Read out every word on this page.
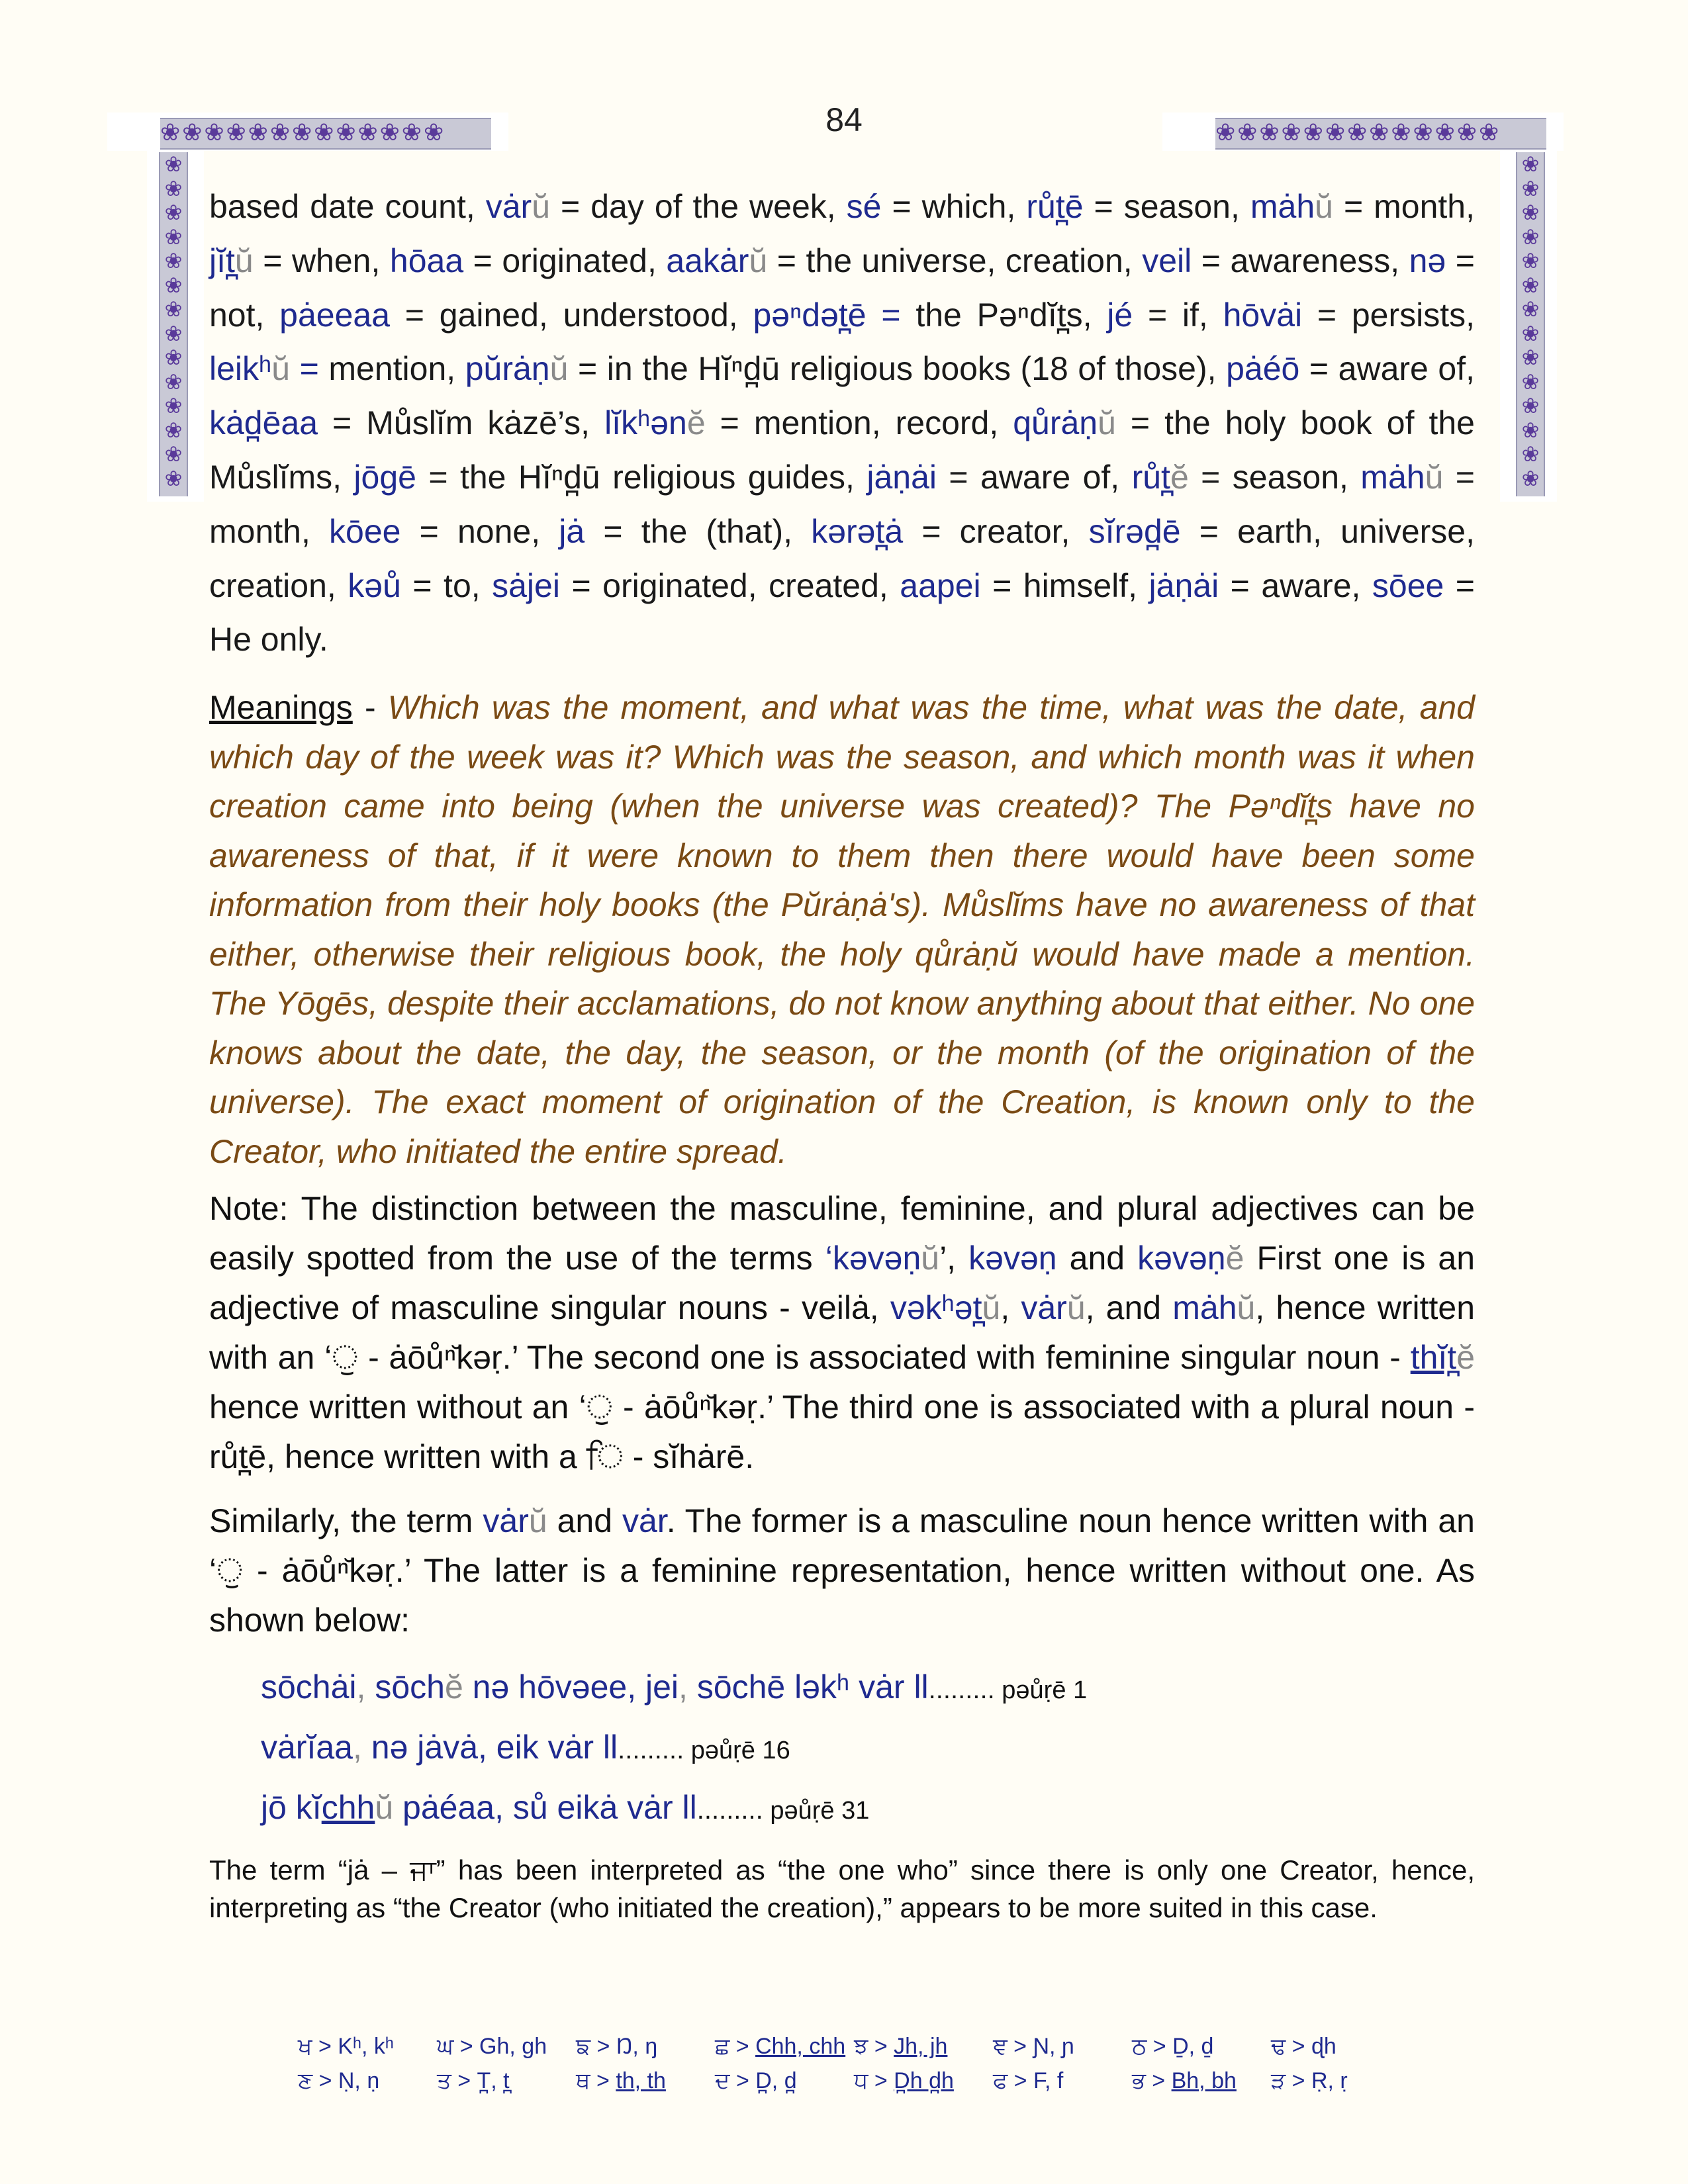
84
❀❀❀❀❀❀❀❀❀❀❀❀❀	❀❀❀❀❀❀❀❀❀❀❀❀❀
❀
❀
❀
❀
❀
❀
❀
❀
❀
❀
❀
❀
❀
❀
❀
❀
❀
❀
❀
❀
❀
❀
❀
❀
❀
❀
❀
❀

based date count, vȧrŭ = day of the week, sé = which, růt̪ē = season, mȧhŭ = month, jĭt̪ŭ = when, hōaa = originated, aakȧrŭ = the universe, creation, veil = awareness, nə = not, pȧeeaa = gained, understood, pəⁿdət̪ē = the Pəⁿdĭt̪s, jé = if, hōvȧi = persists, leikʰŭ = mention, pŭrȧṇŭ = in the Hĭⁿd̪ū religious books (18 of those), pȧéō = aware of, kȧd̪ēaa = Můslĭm kȧzē’s, lĭkʰənĕ = mention, record, qůrȧṇŭ = the holy book of the Můslĭms, jōgē = the Hĭⁿd̪ū religious guides, jȧṇȧi = aware of, růt̪ĕ = season, mȧhŭ = month, kōee = none, jȧ = the (that), kərət̪ȧ = creator, sĭrəd̪ē = earth, universe, creation, kəů = to, sȧjei = originated, created, aapei = himself, jȧṇȧi = aware, sōee = He only.

Meanings - Which was the moment, and what was the time, what was the date, and which day of the week was it? Which was the season, and which month was it when creation came into being (when the universe was created)? The Pəⁿdĭt̪s have no awareness of that, if it were known to them then there would have been some information from their holy books (the Pŭrȧṇȧ's). Můslĭms have no awareness of that either, otherwise their religious book, the holy qůrȧṇŭ would have made a mention. The Yōgēs, despite their acclamations, do not know anything about that either. No one knows about the date, the day, the season, or the month (of the origination of the universe). The exact moment of origination of the Creation, is known only to the Creator, who initiated the entire spread.

Note: The distinction between the masculine, feminine, and plural adjectives can be easily spotted from the use of the terms ‘kəvəṇŭ’, kəvəṇ and kəvəṇĕ First one is an adjective of masculine singular nouns - veilȧ, vəkʰət̪ŭ, vȧrŭ, and mȧhŭ, hence written with an ‘ੁ - ȧōůⁿ̆kəṛ.’ The second one is associated with feminine singular noun - thĭt̪ĕ hence written without an ‘ੁ - ȧōůⁿ̆kəṛ.’ The third one is associated with a plural noun - růt̪ē, hence written with a ਿ - sĭhȧrē.

Similarly, the term vȧrŭ and vȧr. The former is a masculine noun hence written with an ‘ੁ - ȧōůⁿ̆kəṛ.’ The latter is a feminine representation, hence written without one. As shown below:

sōchȧi, sōchĕ nə hōvəee, jei, sōchē ləkʰ vȧr ll......... pəůṛē 1
vȧrĭaa, nə jȧvȧ, eik vȧr ll......... pəůṛē 16
jō kĭchhŭ pȧéaa, sů eikȧ vȧr ll......... pəůṛē 31

The term “jȧ – ਜਾ” has been interpreted as “the one who” since there is only one Creator, hence, interpreting as “the Creator (who initiated the creation),” appears to be more suited in this case.

ਖ > Kʰ, kʰ	ਘ > Gh, gh	ਙ > Ŋ, ŋ	ਛ > Chh, chh ਝ > Jh, jh	ਞ > Ɲ, ɲ	ਠ > Ḏ, ḏ	ਢ > ɖh
ਣ > Ṇ, ṇ	ਤ > T̪, t̪	ਥ > th, th	ਦ > D̪, d̪	ਧ > D̪h d̪h	ਫ > F, f	ਭ > Bh, bh	ੜ > Ṛ, ṛ
